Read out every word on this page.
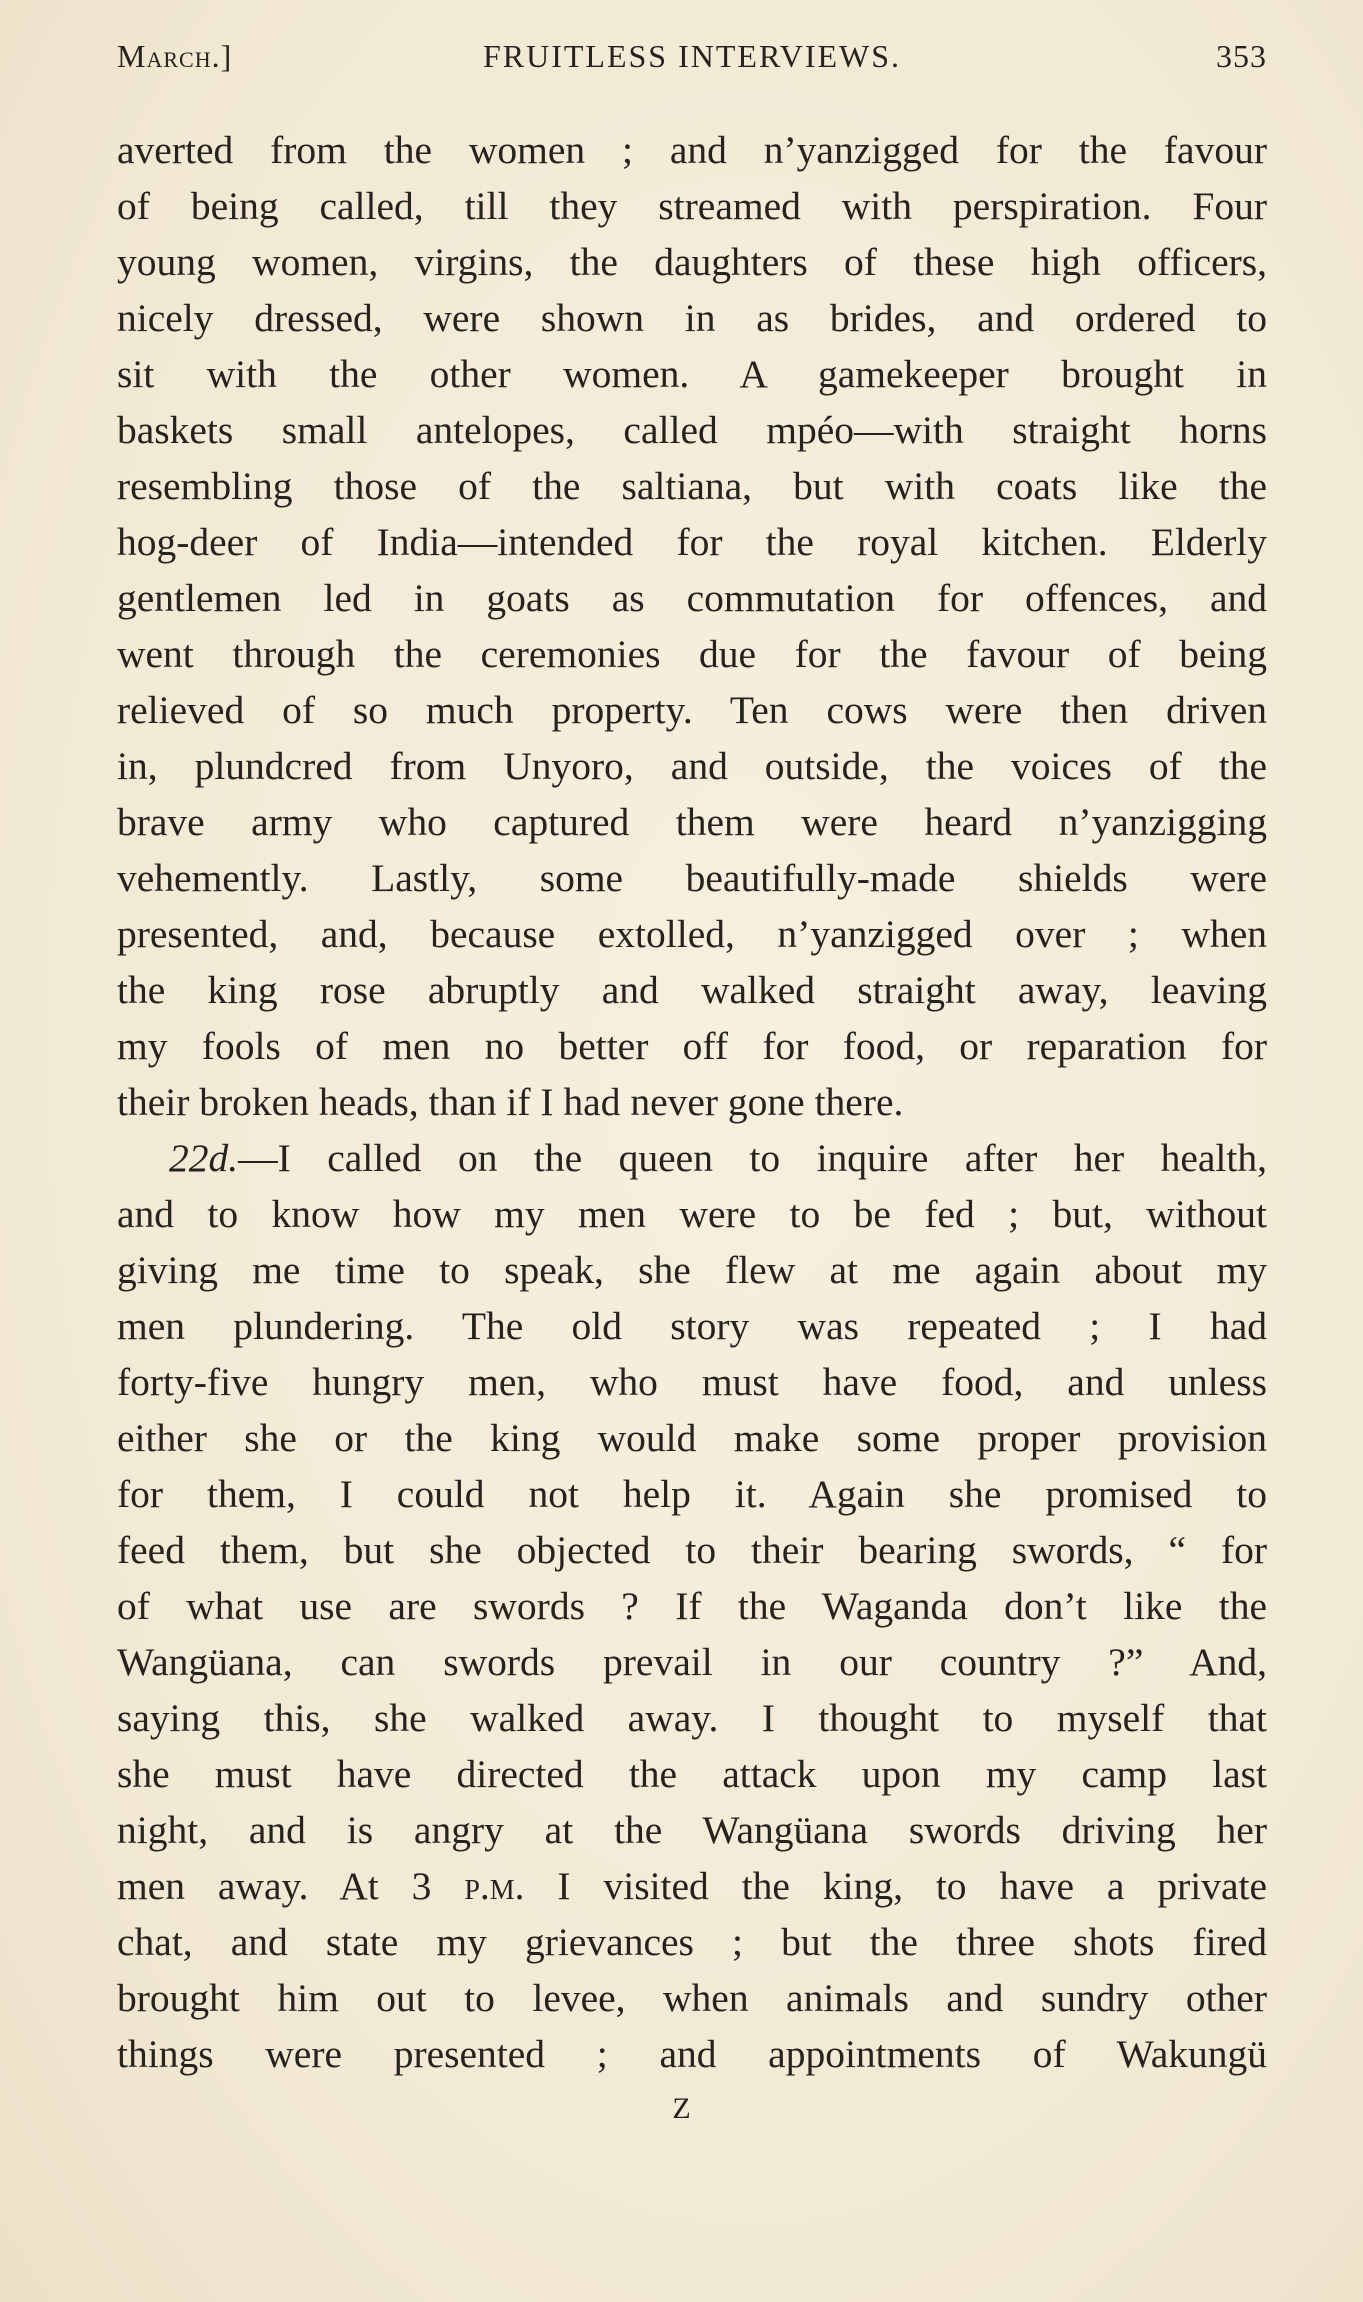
March.]	FRUITLESS INTERVIEWS.	353
averted from the women ; and n’yanzigged for the favour
of being called, till they streamed with perspiration. Four
young women, virgins, the daughters of these high officers,
nicely dressed, were shown in as brides, and ordered to
sit with the other women. A gamekeeper brought in
baskets small antelopes, called mpéo—with straight horns
resembling those of the saltiana, but with coats like the
hog-deer of India—intended for the royal kitchen. Elderly
gentlemen led in goats as commutation for offences, and
went through the ceremonies due for the favour of being
relieved of so much property. Ten cows were then driven
in, plundcred from Unyoro, and outside, the voices of the
brave army who captured them were heard n’yanzigging
vehemently. Lastly, some beautifully-made shields were
presented, and, because extolled, n’yanzigged over ; when
the king rose abruptly and walked straight away, leaving
my fools of men no better off for food, or reparation for
their broken heads, than if I had never gone there.
22d.—I called on the queen to inquire after her health,
and to know how my men were to be fed ; but, without
giving me time to speak, she flew at me again about my
men plundering. The old story was repeated ; I had
forty-five hungry men, who must have food, and unless
either she or the king would make some proper provision
for them, I could not help it. Again she promised to
feed them, but she objected to their bearing swords, “ for
of what use are swords ? If the Waganda don’t like the
Wangüana, can swords prevail in our country ?” And,
saying this, she walked away. I thought to myself that
she must have directed the attack upon my camp last
night, and is angry at the Wangüana swords driving her
men away. At 3 p.m. I visited the king, to have a private
chat, and state my grievances ; but the three shots fired
brought him out to levee, when animals and sundry other
things were presented ; and appointments of Wakungü
Z
